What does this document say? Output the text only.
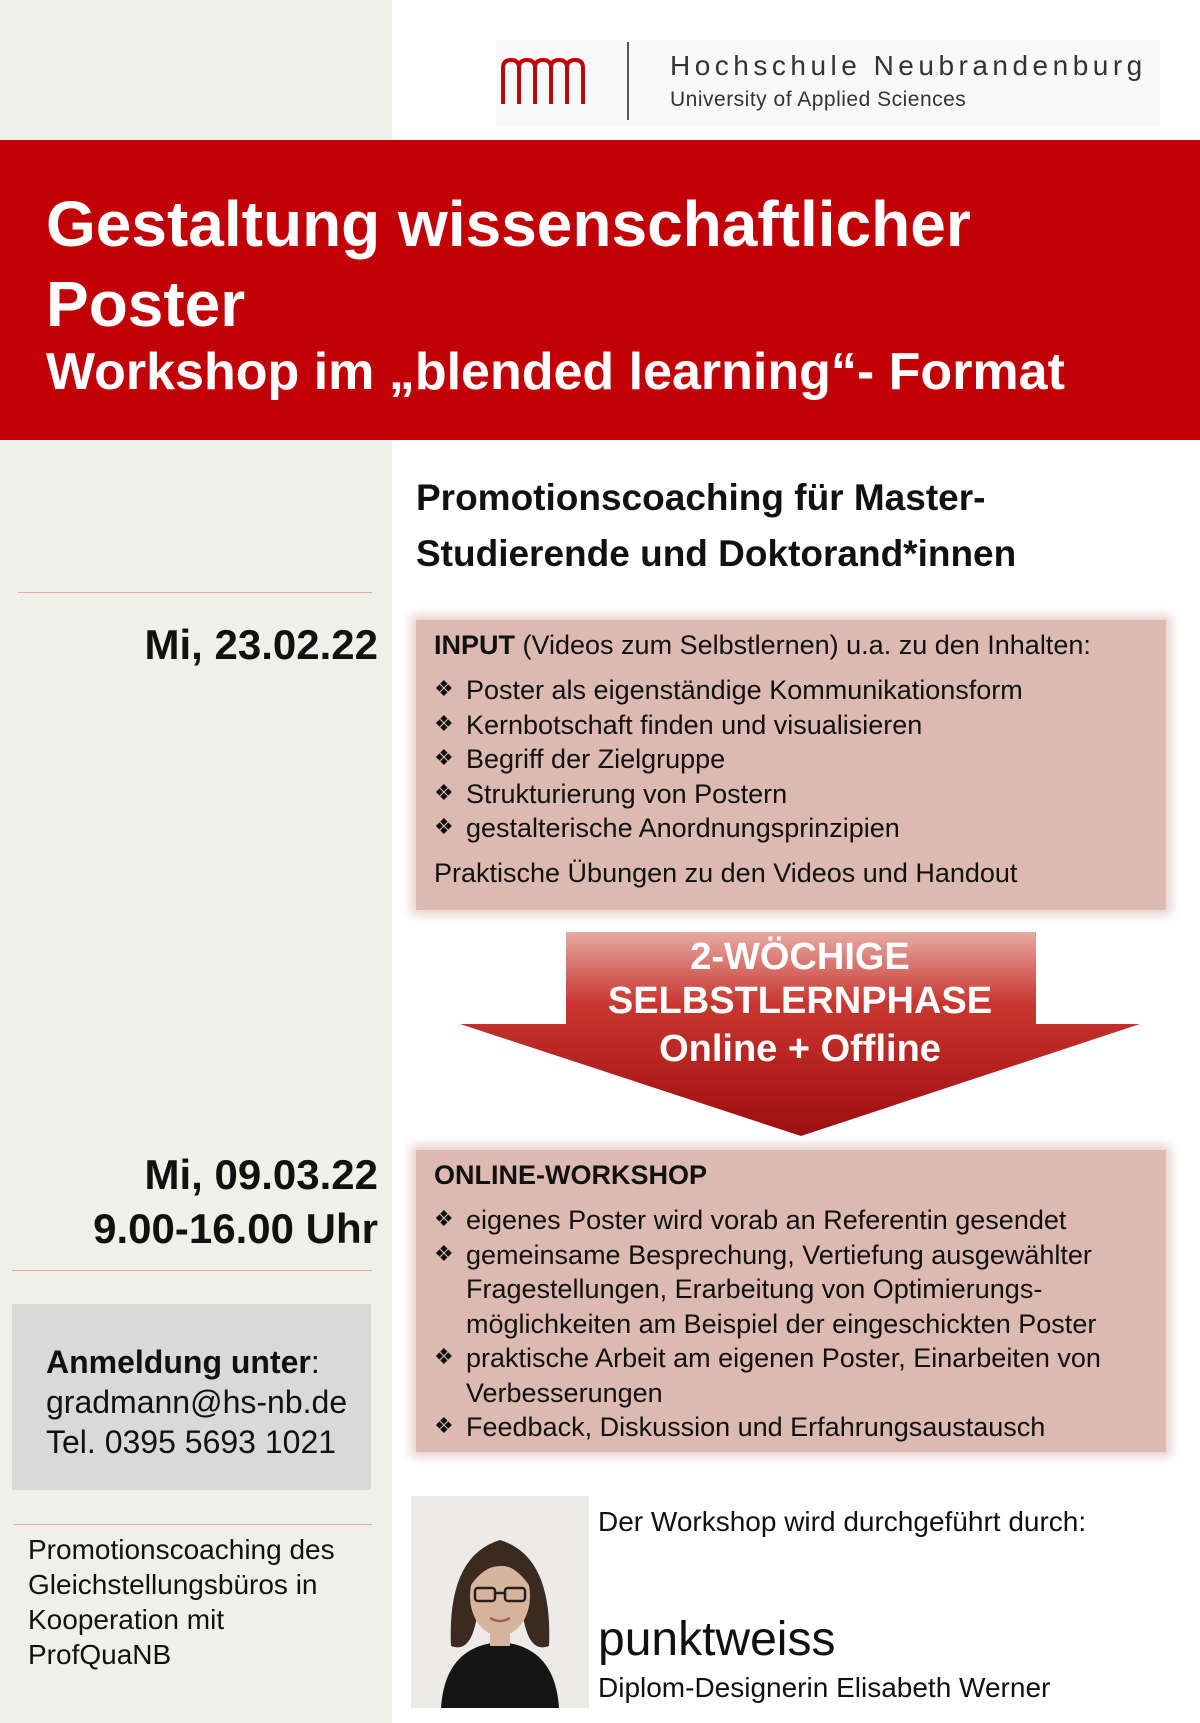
Hochschule Neubrandenburg
University of Applied Sciences
Gestaltung wissenschaftlicher Poster
Workshop im „blended learning“- Format
Promotionscoaching für Master-
Studierende und Doktorand*innen
Mi, 23.02.22 INPUT (Videos zum Selbstlernen) u.a. zu den Inhalten:

❖ Poster als eigenständige Kommunikationsform
❖ Kernbotschaft finden und visualisieren
❖ Begriff der Zielgruppe
❖ Strukturierung von Postern
❖ gestalterische Anordnungsprinzipien
Praktische Übungen zu den Videos und Handout
2-WÖCHIGE
SELBSTLERNPHASE
Online + Offline
Mi, 09.03.22
9.00-16.00 Uhr

ONLINE-WORKSHOP

❖ eigenes Poster wird vorab an Referentin gesendet
❖ gemeinsame Besprechung, Vertiefung ausgewählter Fragestellungen, Erarbeitung von Optimierungs-möglichkeiten am Beispiel der eingeschickten Poster
❖ praktische Arbeit am eigenen Poster, Einarbeiten von Verbesserungen
❖ Feedback, Diskussion und Erfahrungsaustausch
Anmeldung unter:
gradmann@hs-nb.de
Tel. 0395 5693 1021
Promotionscoaching des
Gleichstellungsbüros in
Kooperation mit
ProfQuaNB
Der Workshop wird durchgeführt durch:
punktweiss
Diplom-Designerin Elisabeth Werner
